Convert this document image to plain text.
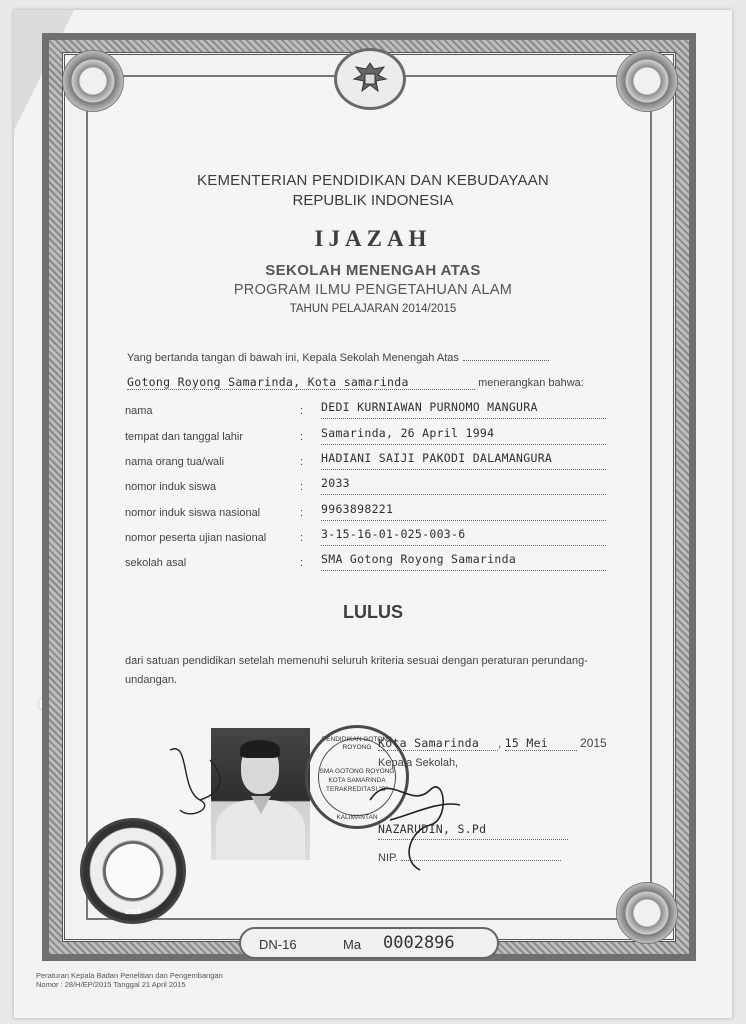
KEMENTERIAN PENDIDIKAN DAN KEBUDAYAAN
REPUBLIK INDONESIA
IJAZAH
SEKOLAH MENENGAH ATAS
PROGRAM ILMU PENGETAHUAN ALAM
TAHUN PELAJARAN 2014/2015
Yang bertanda tangan di bawah ini, Kepala Sekolah Menengah Atas
Gotong Royong Samarinda, Kota samarinda	menerangkan bahwa:
nama	: DEDI KURNIAWAN PURNOMO MANGURA
tempat dan tanggal lahir	: Samarinda, 26 April 1994
nama orang tua/wali	: HADIANI SAIJI PAKODI DALAMANGURA
nomor induk siswa	: 2033
nomor induk siswa nasional	: 9963898221
nomor peserta ujian nasional	: 3-15-16-01-025-003-6
sekolah asal	: SMA Gotong Royong Samarinda
LULUS
dari satuan pendidikan setelah memenuhi seluruh kriteria sesuai dengan peraturan perundang-undangan.
PENDIDIKAN GOTONG ROYONG
SMA GOTONG ROYONG
KOTA SAMARINDA
TERAKREDITASI "B"
KALIMANTAN
Kota Samarinda , 15 Mei	2015
Kepala Sekolah,
NAZARUDIN, S.Pd
NIP.
2015
DN-16	Ma 0002896
Peraturan Kepala Badan Penelitian dan Pengembangan
Nomor : 28/H/EP/2015 Tanggal 21 April 2015
